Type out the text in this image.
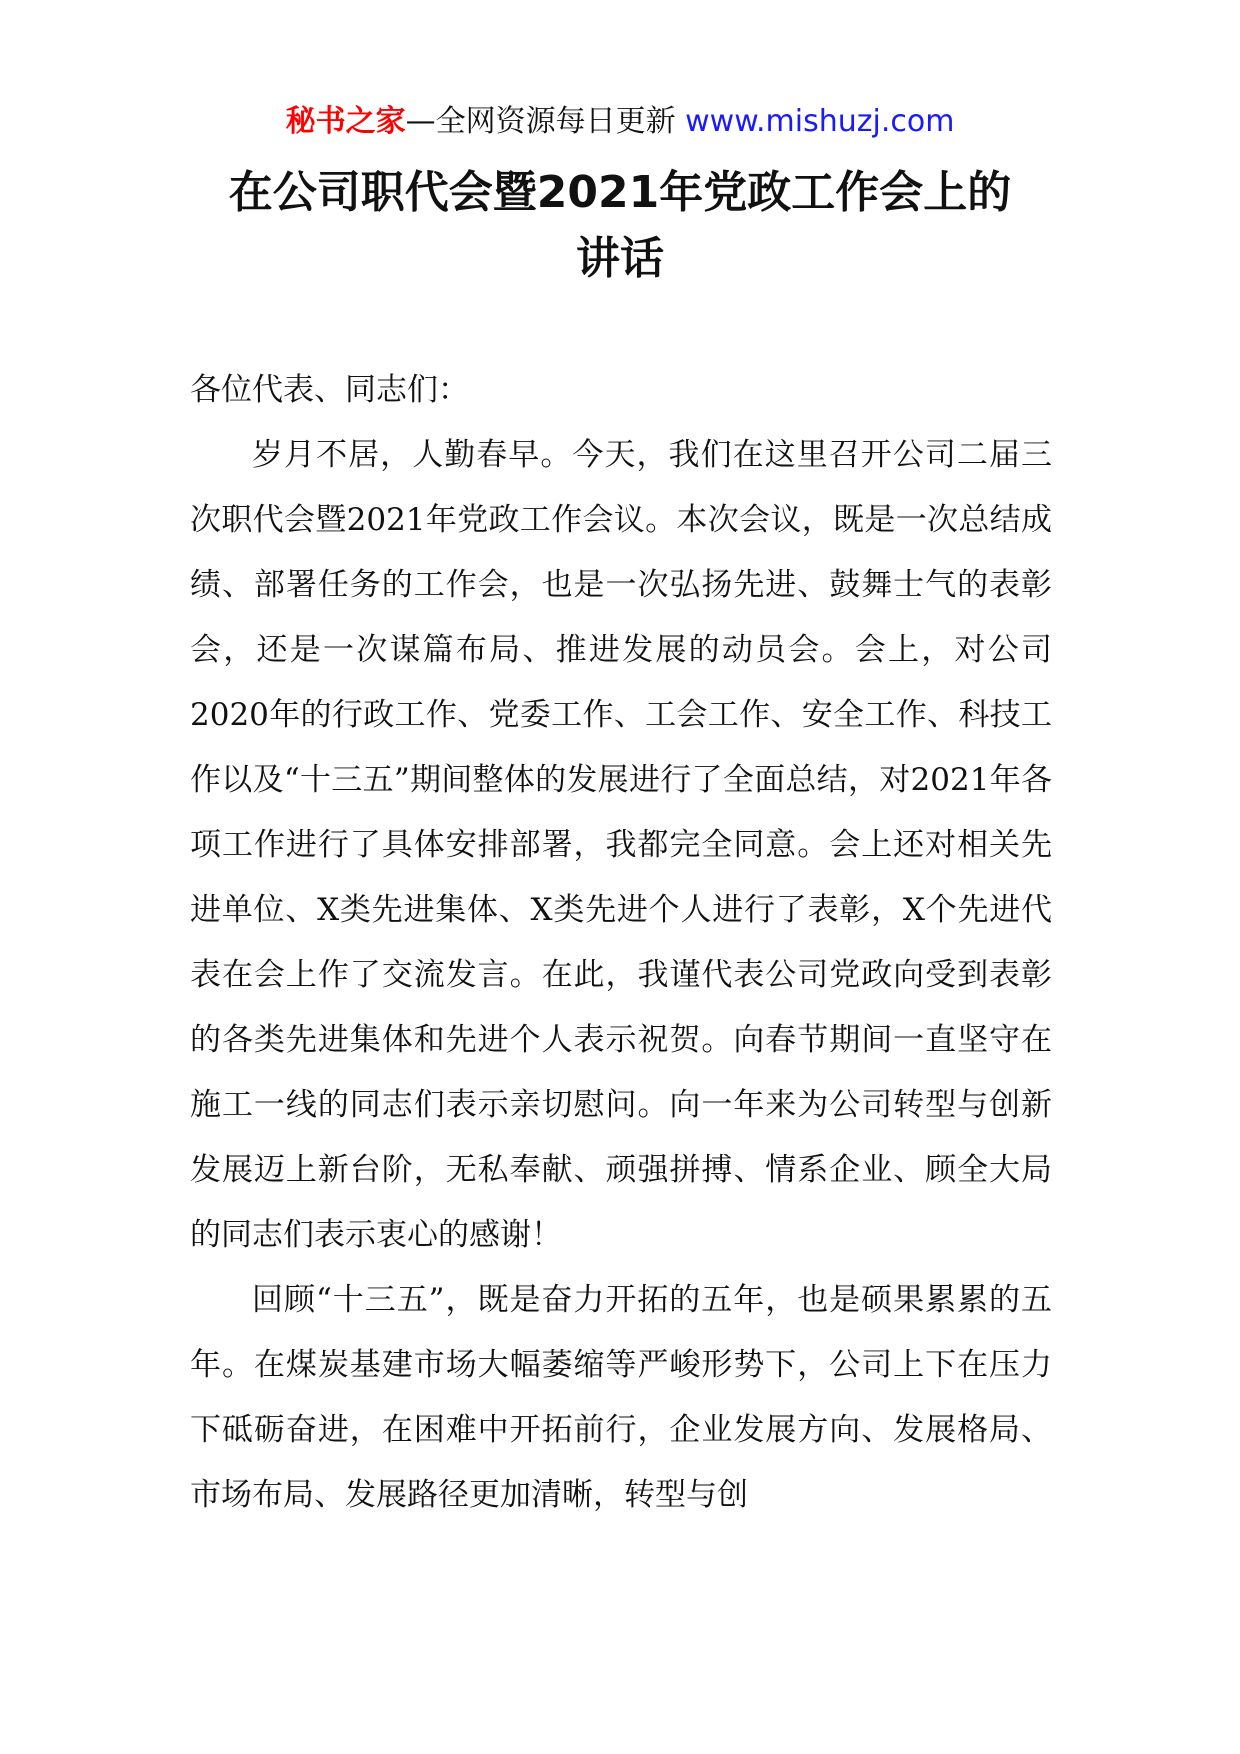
秘书之家—全网资源每日更新 www.mishuzj.com
在公司职代会暨2021年党政工作会上的
讲话

各位代表、同志们：

岁月不居，人勤春早。今天，我们在这里召开公司二届三次职代会暨2021年党政工作会议。本次会议，既是一次总结成绩、部署任务的工作会，也是一次弘扬先进、鼓舞士气的表彰会，还是一次谋篇布局、推进发展的动员会。会上，对公司2020年的行政工作、党委工作、工会工作、安全工作、科技工作以及“十三五”期间整体的发展进行了全面总结，对2021年各项工作进行了具体安排部署，我都完全同意。会上还对相关先进单位、X类先进集体、X类先进个人进行了表彰，X个先进代表在会上作了交流发言。在此，我谨代表公司党政向受到表彰的各类先进集体和先进个人表示祝贺。向春节期间一直坚守在施工一线的同志们表示亲切慰问。向一年来为公司转型与创新发展迈上新台阶，无私奉献、顽强拼搏、情系企业、顾全大局的同志们表示衷心的感谢！

回顾“十三五”，既是奋力开拓的五年，也是硕果累累的五年。在煤炭基建市场大幅萎缩等严峻形势下，公司上下在压力下砥砺奋进，在困难中开拓前行，企业发展方向、发展格局、市场布局、发展路径更加清晰，转型与创
